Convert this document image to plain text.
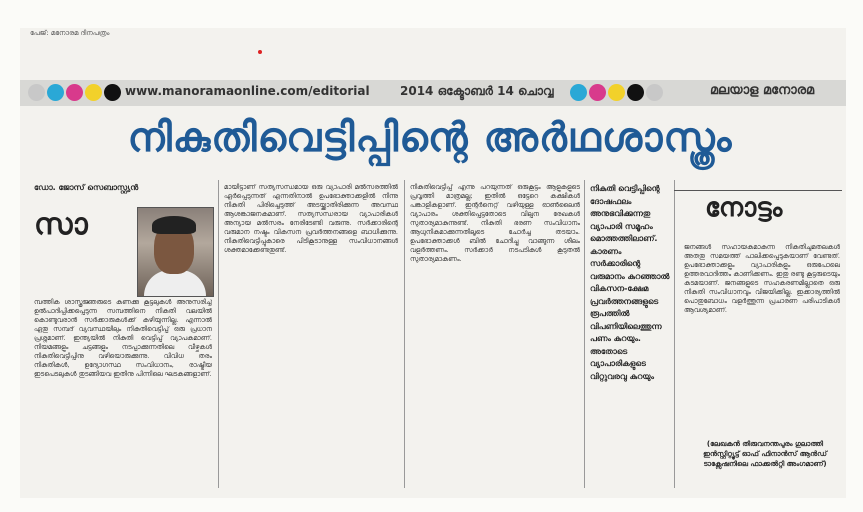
പേജ്: മനോരമ ദിനപത്രം
www.manoramaonline.com/editorial	2014 ഒക്ടോബർ 14 ചൊവ്വ	മലയാള മനോരമ
നികുതിവെട്ടിപ്പിന്റെ അർഥശാസ്ത്രം
ഡോ. ജോസ് സെബാസ്റ്റ്യൻ
സാ
മ്പത്തിക ശാസ്ത്രജ്ഞരുടെ കണക്കു കൂട്ടലുകൾ അനുസരിച്ച് ഉൽപാദിപ്പിക്കപ്പെടുന്ന സമ്പത്തിനെ നികുതി വലയിൽ കൊണ്ടുവരാൻ സർക്കാരുകൾക്ക് കഴിയുന്നില്ല. എന്നാൽ ഏതു സമ്പദ്‌ വ്യവസ്ഥയിലും നികുതിവെട്ടിപ്പ് ഒരു പ്രധാന പ്രശ്നമാണ്. ഇന്ത്യയിൽ നികുതി വെട്ടിപ്പ് വ്യാപകമാണ്. നിയമങ്ങളും ചട്ടങ്ങളും നടപ്പാക്കുന്നതിലെ വീഴ്ചകൾ നികുതിവെട്ടിപ്പിനു വഴിയൊരുക്കുന്നു. വിവിധ തരം നികുതികൾ, ഉദ്യോഗസ്ഥ സംവിധാനം, രാഷ്ട്രീയ ഇടപെടലുകൾ തുടങ്ങിയവ ഇതിനു പിന്നിലെ ഘടകങ്ങളാണ്.
മായിട്ടാണ് സത്യസന്ധമായ ഒരു വ്യാപാരി മൽസരത്തിൽ ഏർപ്പെടുന്നത് എന്നതിനാൽ ഉപഭോക്താക്കളിൽ നിന്നു നികുതി പിരിച്ചെടുത്ത് അടയ്ക്കാതിരിക്കുന്ന അവസ്ഥ ആശങ്കാജനകമാണ്. സത്യസന്ധരായ വ്യാപാരികൾ അന്യായ മൽസരം നേരിടേണ്ടി വരുന്നു. സർക്കാരിന്റെ വരുമാന നഷ്ടം വികസന പ്രവർത്തനങ്ങളെ ബാധിക്കുന്നു. നികുതിവെട്ടിപ്പുകാരെ പിടികൂടാനുള്ള സംവിധാനങ്ങൾ ശക്തമാക്കേണ്ടതുണ്ട്.
നികുതിവെട്ടിപ്പ് എന്നു പറയുന്നത് ഒരുകൂട്ടം ആളുകളുടെ പ്രവൃത്തി മാത്രമല്ല; ഇതിൽ ഒട്ടേറെ കക്ഷികൾ പങ്കാളികളാണ്. ഇന്റർനെറ്റ് വഴിയുള്ള ഓൺലൈൻ വ്യാപാരം ശക്തിപ്പെട്ടതോടെ വില്പന രേഖകൾ സുതാര്യമാകുന്നുണ്ട്. നികുതി ഭരണ സംവിധാനം ആധുനികമാക്കുന്നതിലൂടെ ചോർച്ച തടയാം. ഉപഭോക്താക്കൾ ബിൽ ചോദിച്ചു വാങ്ങുന്ന ശീലം വളർത്തണം. സർക്കാർ നടപടികൾ കൂടുതൽ സുതാര്യമാകണം.
നികുതി വെട്ടിപ്പിന്റെ ദോഷഫലം അനുഭവിക്കുന്നതു വ്യാപാരി സമൂഹം മൊത്തത്തിലാണ്. കാരണം സർക്കാരിന്റെ വരുമാനം കുറഞ്ഞാൽ വികസന-ക്ഷേമ പ്രവർത്തനങ്ങളുടെ രൂപത്തിൽ വിപണിയിലെത്തുന്ന പണം കുറയും. അതോടെ വ്യാപാരികളുടെ വിറ്റുവരവു കുറയും
നോട്ടം
ജനങ്ങൾ സഹായകമാകുന്ന നികുതിചുമതലകൾ അതതു സമയത്ത് പാലിക്കപ്പെടുകയാണ് വേണ്ടത്. ഉപഭോക്താക്കളും വ്യാപാരികളും ഒരുപോലെ ഉത്തരവാദിത്തം കാണിക്കണം. ഇതു രണ്ടു കൂട്ടരുടെയും കടമയാണ്. ജനങ്ങളുടെ സഹകരണമില്ലാതെ ഒരു നികുതി സംവിധാനവും വിജയിക്കില്ല. ഇക്കാര്യത്തിൽ പൊതുബോധം വളർത്തുന്ന പ്രചാരണ പരിപാടികൾ ആവശ്യമാണ്.
(ലേഖകൻ തിരുവനന്തപുരം ഗുലാത്തി ഇൻസ്റ്റിറ്റ്യൂട്ട് ഓഫ് ഫിനാൻസ് ആൻഡ് ടാക്സേഷനിലെ ഫാക്കൽറ്റി അംഗമാണ്)
